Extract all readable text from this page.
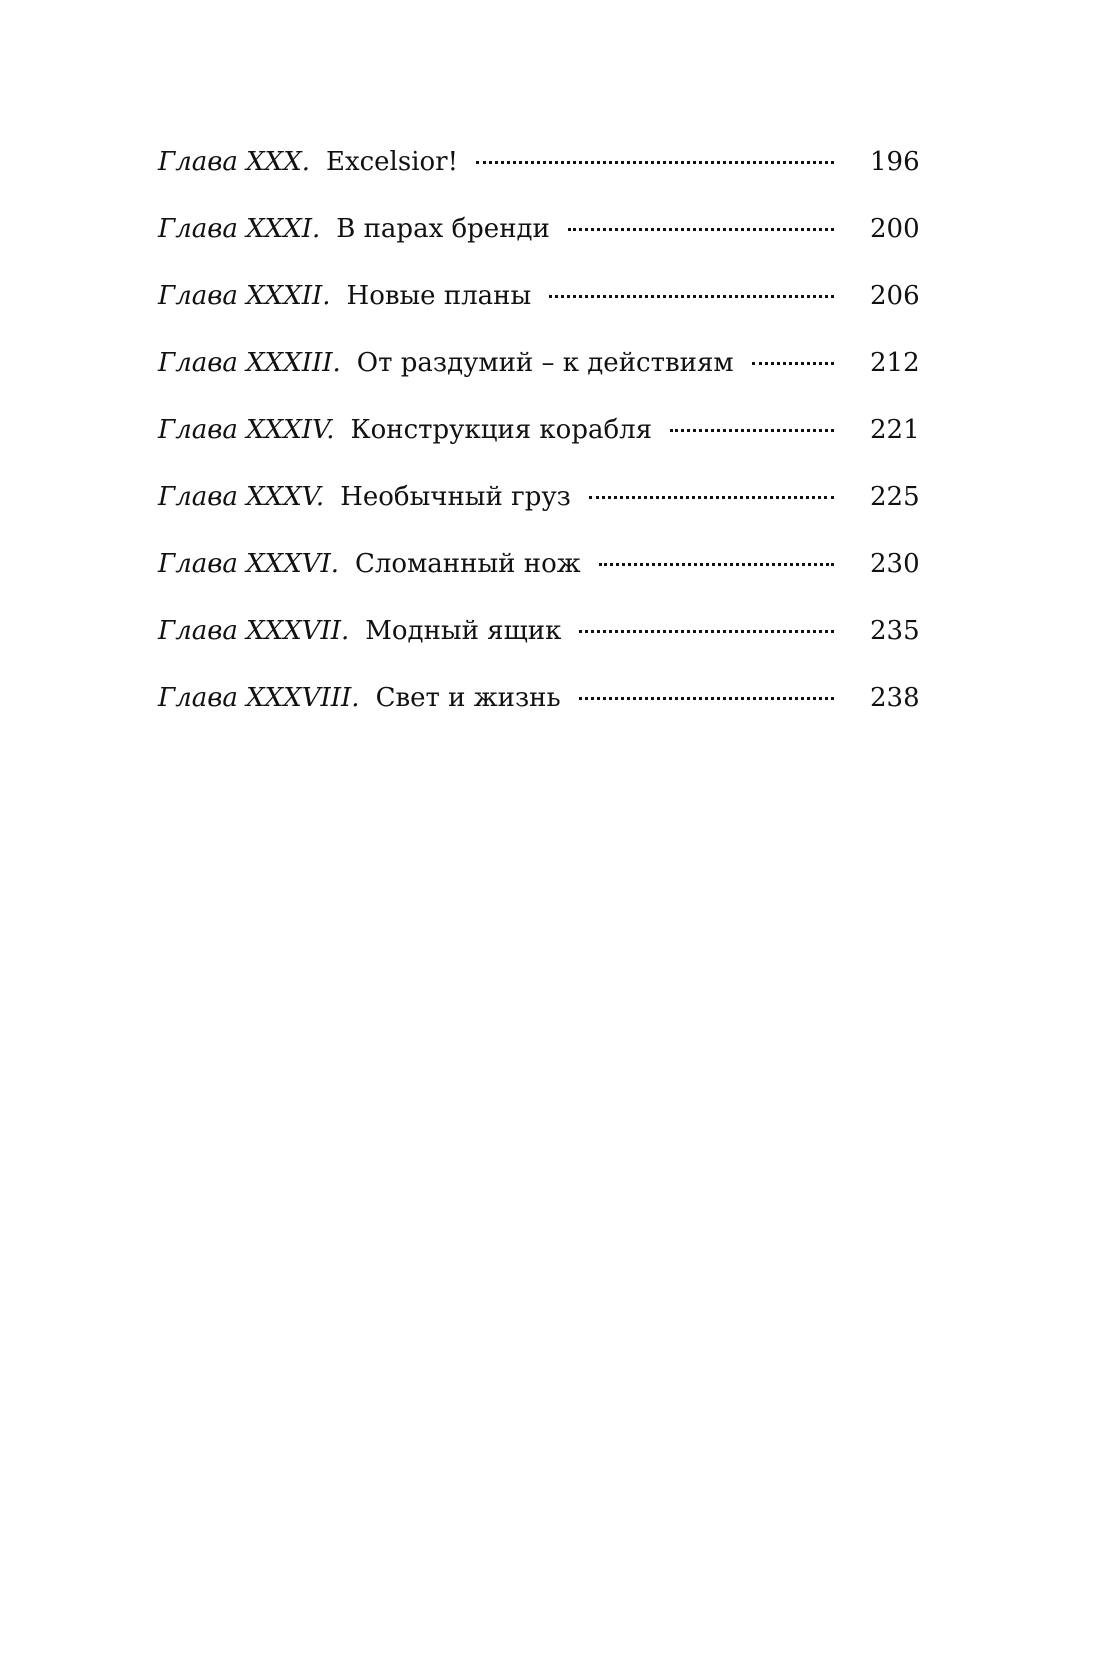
Глава XXX. Excelsior!	196
Глава XXXI. В парах бренди	200
Глава XXXII. Новые планы	206
Глава XXXIII. От раздумий – к действиям	212
Глава XXXIV. Конструкция корабля	221
Глава XXXV. Необычный груз	225
Глава XXXVI. Сломанный нож	230
Глава XXXVII. Модный ящик	235
Глава XXXVIII. Свет и жизнь	238
